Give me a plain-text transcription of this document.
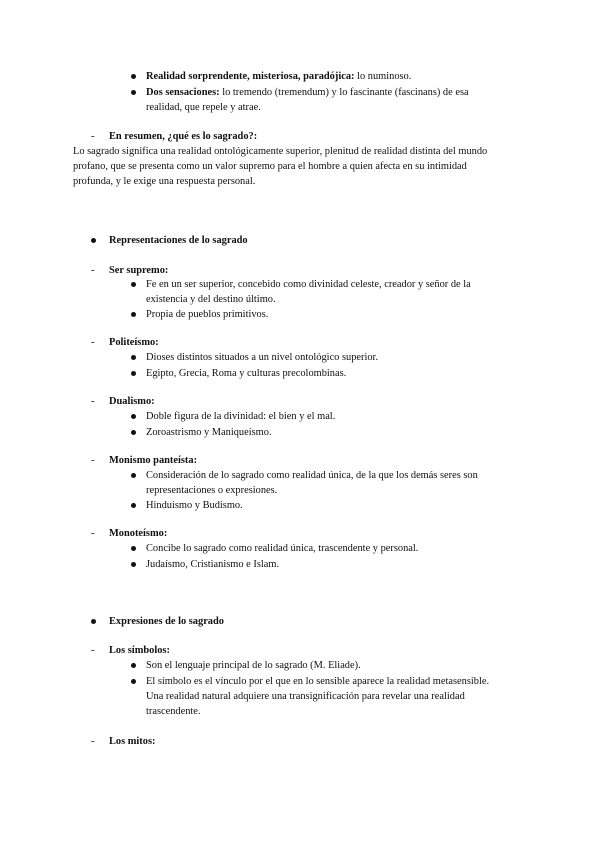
Realidad sorprendente, misteriosa, paradójica: lo numinoso.
Dos sensaciones: lo tremendo (tremendum) y lo fascinante (fascinans) de esa
realidad, que repele y atrae.
- En resumen, ¿qué es lo sagrado?:
Lo sagrado significa una realidad ontológicamente superior, plenitud de realidad distinta del mundo
profano, que se presenta como un valor supremo para el hombre a quien afecta en su intimidad
profunda, y le exige una respuesta personal.
Representaciones de lo sagrado
- Ser supremo:
Fe en un ser superior, concebido como divinidad celeste, creador y señor de la
existencia y del destino último.
Propia de pueblos primitivos.
- Politeísmo:
Dioses distintos situados a un nivel ontológico superior.
Egipto, Grecia, Roma y culturas precolombinas.
- Dualismo:
Doble figura de la divinidad: el bien y el mal.
Zoroastrismo y Maniqueísmo.
- Monismo panteísta:
Consideración de lo sagrado como realidad única, de la que los demás seres son
representaciones o expresiones.
Hinduismo y Budismo.
- Monoteísmo:
Concibe lo sagrado como realidad única, trascendente y personal.
Judaísmo, Cristianismo e Islam.
Expresiones de lo sagrado
- Los símbolos:
Son el lenguaje principal de lo sagrado (M. Eliade).
El símbolo es el vínculo por el que en lo sensible aparece la realidad metasensible.
Una realidad natural adquiere una transignificación para revelar una realidad
trascendente.
- Los mitos:
